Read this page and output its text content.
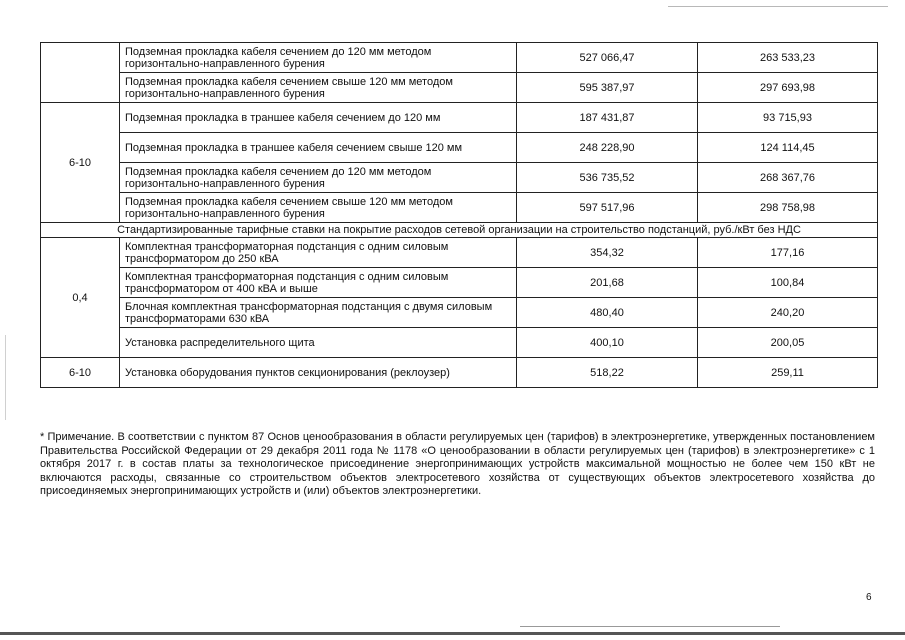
	Подземная прокладка кабеля сечением до 120 мм методом горизонтально-направленного бурения	527 066,47	263 533,23
	Подземная прокладка кабеля сечением свыше 120 мм методом горизонтально-направленного бурения	595 387,97	297 693,98
6-10	Подземная прокладка в траншее кабеля сечением до 120 мм	187 431,87	93 715,93
	Подземная прокладка в траншее кабеля сечением свыше 120 мм	248 228,90	124 114,45
	Подземная прокладка кабеля сечением до 120 мм методом горизонтально-направленного бурения	536 735,52	268 367,76
	Подземная прокладка кабеля сечением свыше 120 мм методом горизонтально-направленного бурения	597 517,96	298 758,98
Стандартизированные тарифные ставки на покрытие расходов сетевой организации на строительство подстанций, руб./кВт без НДС			
0,4	Комплектная трансформаторная подстанция с одним силовым трансформатором до 250 кВА	354,32	177,16
	Комплектная трансформаторная подстанция с одним силовым трансформатором от 400 кВА и выше	201,68	100,84
	Блочная комплектная трансформаторная подстанция с двумя силовым трансформаторами 630 кВА	480,40	240,20
	Установка распределительного щита	400,10	200,05
6-10	Установка оборудования пунктов секционирования (реклоузер)	518,22	259,11

* Примечание. В соответствии с пунктом 87 Основ ценообразования в области регулируемых цен (тарифов) в электроэнергетике, утвержденных постановлением Правительства Российской Федерации от 29 декабря 2011 года № 1178 «О ценообразовании в области регулируемых цен (тарифов) в электроэнергетике» с 1 октября 2017 г. в состав платы за технологическое присоединение энергопринимающих устройств максимальной мощностью не более чем 150 кВт не включаются расходы, связанные со строительством объектов электросетевого хозяйства от существующих объектов электросетевого хозяйства до присоединяемых энергопринимающих устройств и (или) объектов электроэнергетики.

6
